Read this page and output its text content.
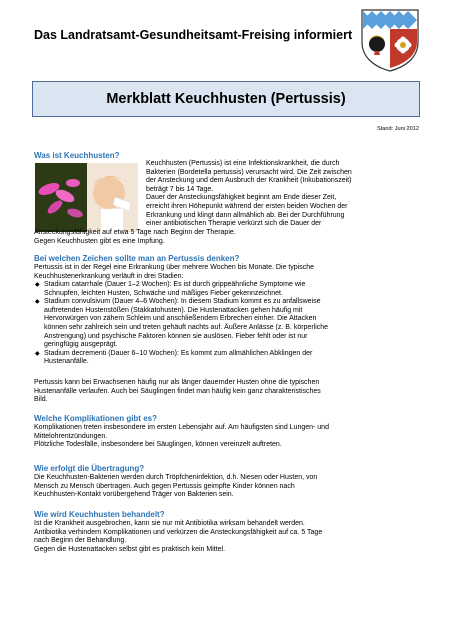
Das Landratsamt-Gesundheitsamt-Freising informiert
Merkblatt Keuchhusten (Pertussis)
Stand: Juni 2012
Was ist Keuchhusten?
Keuchhusten (Pertussis) ist eine Infektionskrankheit, die durch
Bakterien (Bordetella pertussis) verursacht wird. Die Zeit zwischen
der Ansteckung und dem Ausbruch der Krankheit (Inkubationszeit)
beträgt 7 bis 14 Tage.
Dauer der Ansteckungsfähigkeit beginnt am Ende dieser Zeit,
erreicht ihren Höhepunkt während der ersten beiden Wochen der
Erkrankung und klingt dann allmählich ab. Bei der Durchführung
einer antibiotischen Therapie verkürzt sich die Dauer der
Ansteckungsfähigkeit auf etwa 5 Tage nach Beginn der Therapie.
Gegen Keuchhusten gibt es eine Impfung.
Bei welchen Zeichen sollte man an Pertussis denken?
Pertussis ist in der Regel eine Erkrankung über mehrere Wochen bis Monate. Die typische
Keuchhustenerkrankung verläuft in drei Stadien:
◆ Stadium catarrhale (Dauer 1–2 Wochen): Es ist durch grippeähnliche Symptome wie
Schnupfen, leichten Husten, Schwäche und mäßiges Fieber gekennzeichnet.
◆ Stadium convulsivum (Dauer 4–6 Wochen): In diesem Stadium kommt es zu anfallsweise
auftretenden Hustenstößen (Stakkatohusten). Die Hustenattacken gehen häufig mit
Hervorwürgen von zähem Schleim und anschließendem Erbrechen einher. Die Attacken
können sehr zahlreich sein und treten gehäuft nachts auf. Äußere Anlässe (z. B. körperliche
Anstrengung) und psychische Faktoren können sie auslösen. Fieber fehlt oder ist nur
geringfügig ausgeprägt.
◆ Stadium decrementi (Dauer 6–10 Wochen): Es kommt zum allmählichen Abklingen der
Hustenanfälle.
Pertussis kann bei Erwachsenen häufig nur als länger dauernder Husten ohne die typischen
Hustenanfälle verlaufen. Auch bei Säuglingen findet man häufig kein ganz charakteristisches
Bild.
Welche Komplikationen gibt es?
Komplikationen treten insbesondere im ersten Lebensjahr auf. Am häufigsten sind Lungen- und
Mittelohrentzündungen.
Plötzliche Todesfälle, insbesondere bei Säuglingen, können vereinzelt auftreten.
Wie erfolgt die Übertragung?
Die Keuchhusten-Bakterien werden durch Tröpfcheninfektion, d.h. Niesen oder Husten, von
Mensch zu Mensch übertragen. Auch gegen Pertussis geimpfte Kinder können nach
Keuchhusten-Kontakt vorübergehend Träger von Bakterien sein.
Wie wird Keuchhusten behandelt?
Ist die Krankheit ausgebrochen, kann sie nur mit Antibiotika wirksam behandelt werden.
Antibiotika verhindern Komplikationen und verkürzen die Ansteckungsfähigkeit auf ca. 5 Tage
nach Beginn der Behandlung.
Gegen die Hustenattacken selbst gibt es praktisch kein Mittel.
